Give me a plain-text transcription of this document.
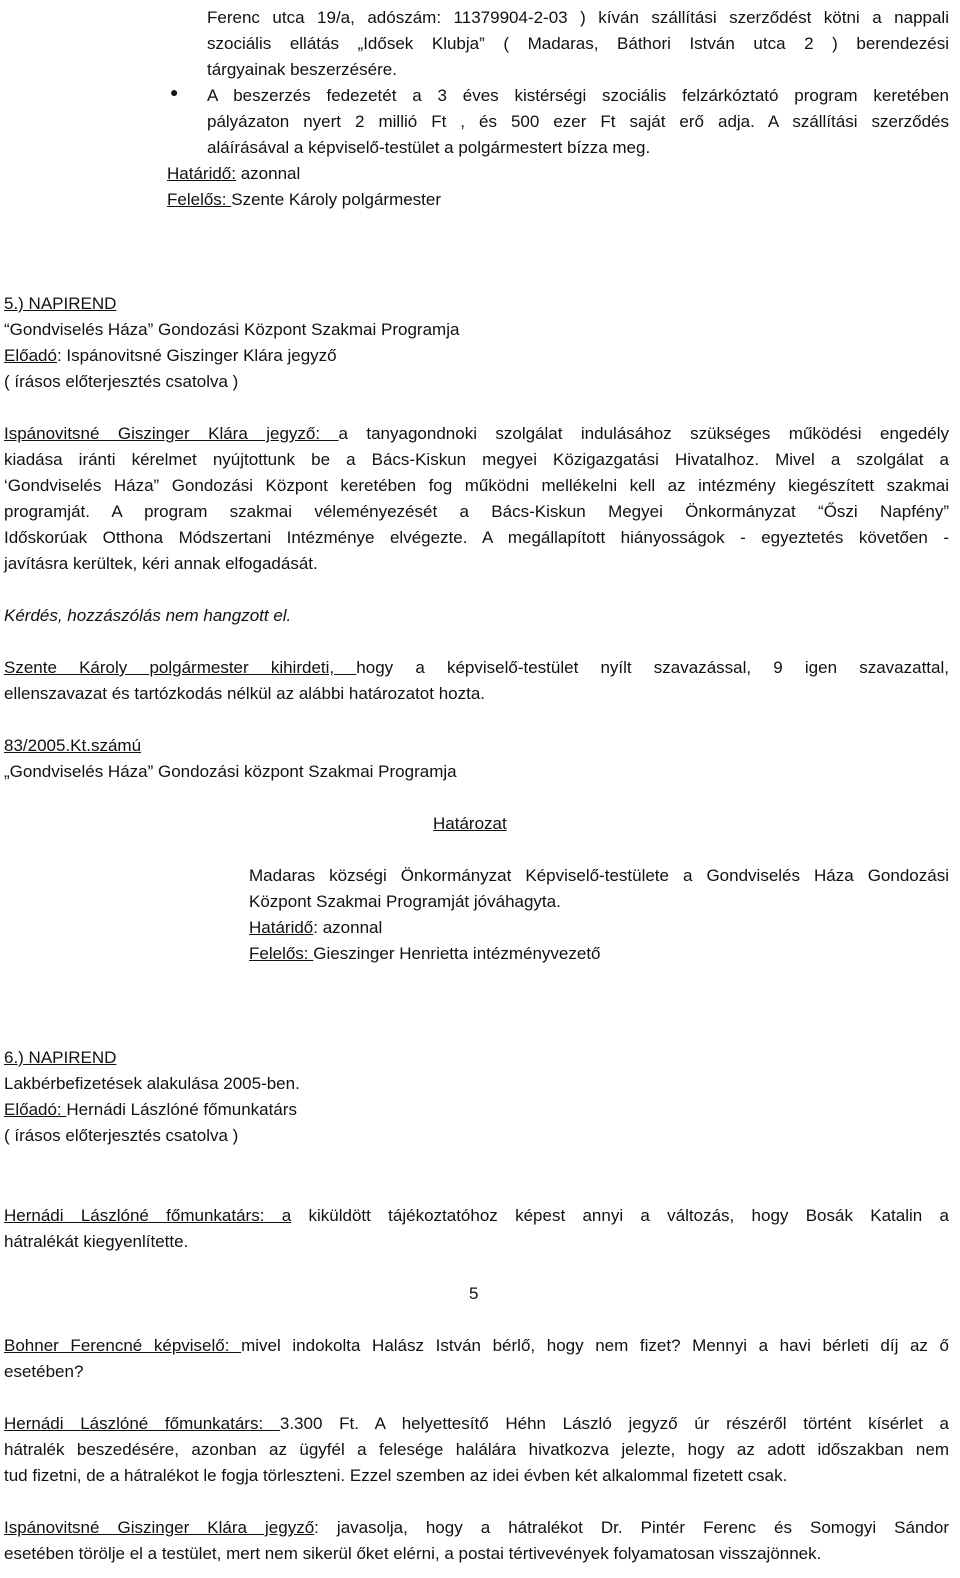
Ferenc utca 19/a, adószám: 11379904-2-03 ) kíván szállítási szerződést kötni a nappali
szociális ellátás „Idősek Klubja” ( Madaras, Báthori István utca 2 ) berendezési
tárgyainak beszerzésére.
● A beszerzés fedezetét a 3 éves kistérségi szociális felzárkóztató program keretében
pályázaton nyert 2 millió Ft , és 500 ezer Ft saját erő adja. A szállítási szerződés
aláírásával a képviselő-testület a polgármestert bízza meg.
Határidő: azonnal
Felelős: Szente Károly polgármester
5.) NAPIREND
“Gondviselés Háza” Gondozási Központ Szakmai Programja
Előadó: Ispánovitsné Giszinger Klára jegyző
( írásos előterjesztés csatolva )
Ispánovitsné Giszinger Klára jegyző: a tanyagondnoki szolgálat indulásához szükséges működési engedély
kiadása iránti kérelmet nyújtottunk be a Bács-Kiskun megyei Közigazgatási Hivatalhoz. Mivel a szolgálat a
‘Gondviselés Háza” Gondozási Központ keretében fog működni mellékelni kell az intézmény kiegészített szakmai
programját. A program szakmai véleményezését a Bács-Kiskun Megyei Önkormányzat “Őszi Napfény”
Időskorúak Otthona Módszertani Intézménye elvégezte. A megállapított hiányosságok - egyeztetés követően -
javításra kerültek, kéri annak elfogadását.
Kérdés, hozzászólás nem hangzott el.
Szente Károly polgármester kihirdeti, hogy a képviselő-testület nyílt szavazással, 9 igen szavazattal,
ellenszavazat és tartózkodás nélkül az alábbi határozatot hozta.
83/2005.Kt.számú
„Gondviselés Háza” Gondozási központ Szakmai Programja
Határozat
Madaras községi Önkormányzat Képviselő-testülete a Gondviselés Háza Gondozási
Központ Szakmai Programját jóváhagyta.
Határidő: azonnal
Felelős: Gieszinger Henrietta intézményvezető
6.) NAPIREND
Lakbérbefizetések alakulása 2005-ben.
Előadó: Hernádi Lászlóné főmunkatárs
( írásos előterjesztés csatolva )
Hernádi Lászlóné főmunkatárs: a kiküldött tájékoztatóhoz képest annyi a változás, hogy Bosák Katalin a
hátralékát kiegyenlítette.
5
Bohner Ferencné képviselő: mivel indokolta Halász István bérlő, hogy nem fizet? Mennyi a havi bérleti díj az ő
esetében?
Hernádi Lászlóné főmunkatárs: 3.300 Ft. A helyettesítő Héhn László jegyző úr részéről történt kísérlet a
hátralék beszedésére, azonban az ügyfél a felesége halálára hivatkozva jelezte, hogy az adott időszakban nem
tud fizetni, de a hátralékot le fogja törleszteni. Ezzel szemben az idei évben két alkalommal fizetett csak.
Ispánovitsné Giszinger Klára jegyző: javasolja, hogy a hátralékot Dr. Pintér Ferenc és Somogyi Sándor
esetében törölje el a testület, mert nem sikerül őket elérni, a postai tértivevények folyamatosan visszajönnek.
